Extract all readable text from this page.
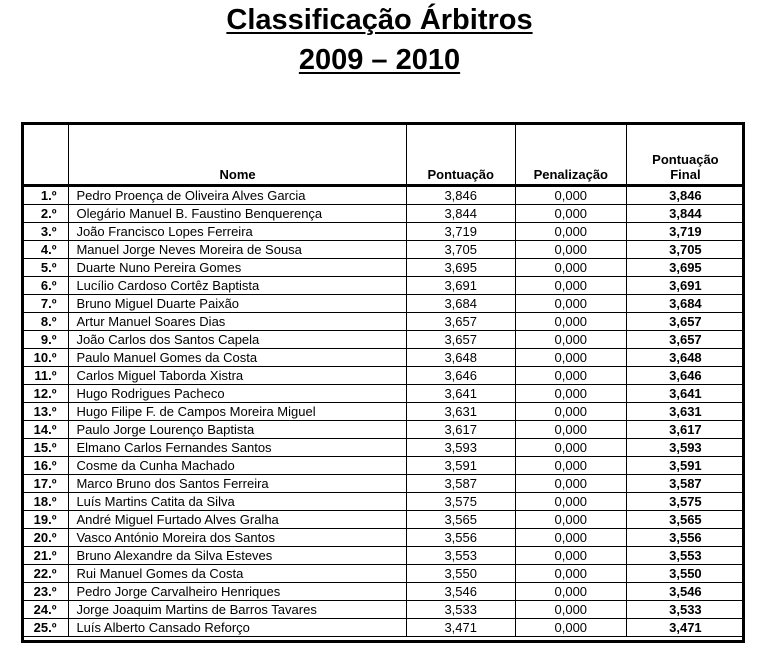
Classificação Árbitros
2009 – 2010
	Nome	Pontuação	Penalização	Pontuação Final
1.º	Pedro Proença de Oliveira Alves Garcia	3,846	0,000	3,846
2.º	Olegário Manuel B. Faustino Benquerença	3,844	0,000	3,844
3.º	João Francisco Lopes Ferreira	3,719	0,000	3,719
4.º	Manuel Jorge Neves Moreira de Sousa	3,705	0,000	3,705
5.º	Duarte Nuno Pereira Gomes	3,695	0,000	3,695
6.º	Lucílio Cardoso Cortêz Baptista	3,691	0,000	3,691
7.º	Bruno Miguel Duarte Paixão	3,684	0,000	3,684
8.º	Artur Manuel Soares Dias	3,657	0,000	3,657
9.º	João Carlos dos Santos Capela	3,657	0,000	3,657
10.º	Paulo Manuel Gomes da Costa	3,648	0,000	3,648
11.º	Carlos Miguel Taborda Xistra	3,646	0,000	3,646
12.º	Hugo Rodrigues Pacheco	3,641	0,000	3,641
13.º	Hugo Filipe F. de Campos Moreira Miguel	3,631	0,000	3,631
14.º	Paulo Jorge Lourenço Baptista	3,617	0,000	3,617
15.º	Elmano Carlos Fernandes Santos	3,593	0,000	3,593
16.º	Cosme da Cunha Machado	3,591	0,000	3,591
17.º	Marco Bruno dos Santos Ferreira	3,587	0,000	3,587
18.º	Luís Martins Catita da Silva	3,575	0,000	3,575
19.º	André Miguel Furtado Alves Gralha	3,565	0,000	3,565
20.º	Vasco António Moreira dos Santos	3,556	0,000	3,556
21.º	Bruno Alexandre da Silva Esteves	3,553	0,000	3,553
22.º	Rui Manuel Gomes da Costa	3,550	0,000	3,550
23.º	Pedro Jorge Carvalheiro Henriques	3,546	0,000	3,546
24.º	Jorge Joaquim Martins de Barros Tavares	3,533	0,000	3,533
25.º	Luís Alberto Cansado Reforço	3,471	0,000	3,471
